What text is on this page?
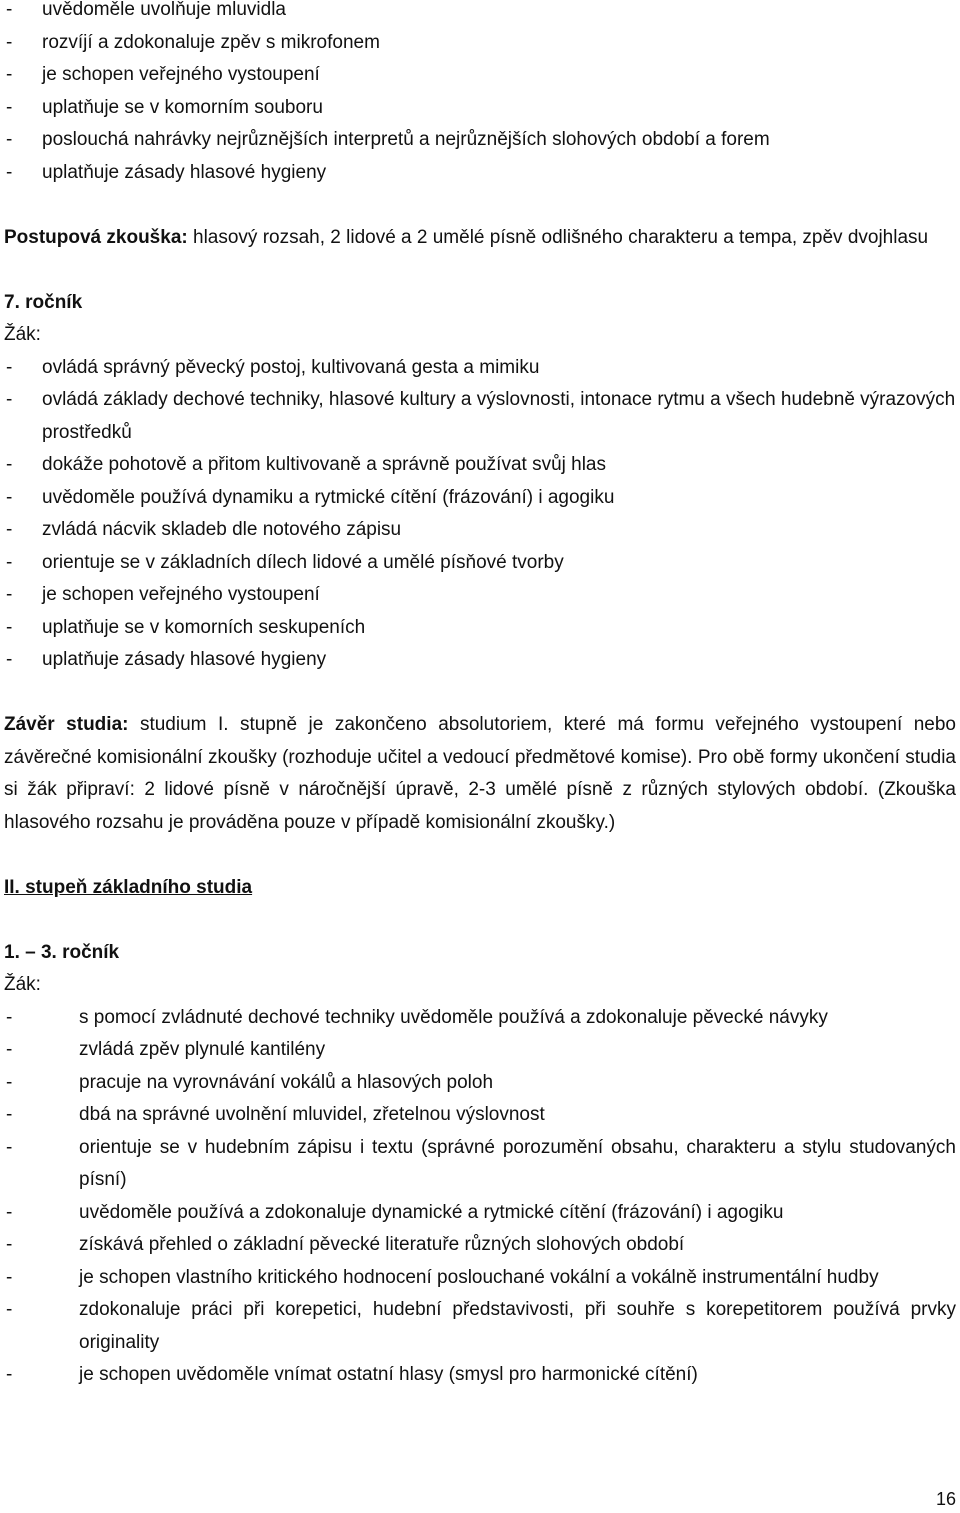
- uvědoměle uvolňuje mluvidla
- rozvíjí a zdokonaluje zpěv s mikrofonem
- je schopen veřejného vystoupení
- uplatňuje se v komorním souboru
- poslouchá nahrávky nejrůznějších interpretů a nejrůznějších slohových období a forem
- uplatňuje zásady hlasové hygieny

Postupová zkouška: hlasový rozsah, 2 lidové a 2 umělé písně odlišného charakteru a tempa, zpěv dvojhlasu

7. ročník

Žák:

- ovládá správný pěvecký postoj, kultivovaná gesta a mimiku
- ovládá základy dechové techniky, hlasové kultury a výslovnosti, intonace rytmu a všech hudebně výrazových prostředků
- dokáže pohotově a přitom kultivovaně a správně používat svůj hlas
- uvědoměle používá dynamiku a rytmické cítění (frázování) i agogiku
- zvládá nácvik skladeb dle notového zápisu
- orientuje se v základních dílech lidové a umělé písňové tvorby
- je schopen veřejného vystoupení
- uplatňuje se v komorních seskupeních
- uplatňuje zásady hlasové hygieny

Závěr studia: studium I. stupně je zakončeno absolutoriem, které má formu veřejného vystoupení nebo závěrečné komisionální zkoušky (rozhoduje učitel a vedoucí předmětové komise). Pro obě formy ukončení studia si žák připraví: 2 lidové písně v náročnější úpravě, 2-3 umělé písně z různých stylových období. (Zkouška hlasového rozsahu je prováděna pouze v případě komisionální zkoušky.)

II. stupeň základního studia

1. – 3. ročník

Žák:

- s pomocí zvládnuté dechové techniky uvědoměle používá a zdokonaluje pěvecké návyky
- zvládá zpěv plynulé kantilény
- pracuje na vyrovnávání vokálů a hlasových poloh
- dbá na správné uvolnění mluvidel, zřetelnou výslovnost
- orientuje se v hudebním zápisu i textu (správné porozumění obsahu, charakteru a stylu studovaných písní)
- uvědoměle používá a zdokonaluje dynamické a rytmické cítění (frázování) i agogiku
- získává přehled o základní pěvecké literatuře různých slohových období
- je schopen vlastního kritického hodnocení poslouchané vokální a vokálně instrumentální hudby
- zdokonaluje práci při korepetici, hudební představivosti, při souhře s korepetitorem používá prvky originality
- je schopen uvědoměle vnímat ostatní hlasy (smysl pro harmonické cítění)
16
